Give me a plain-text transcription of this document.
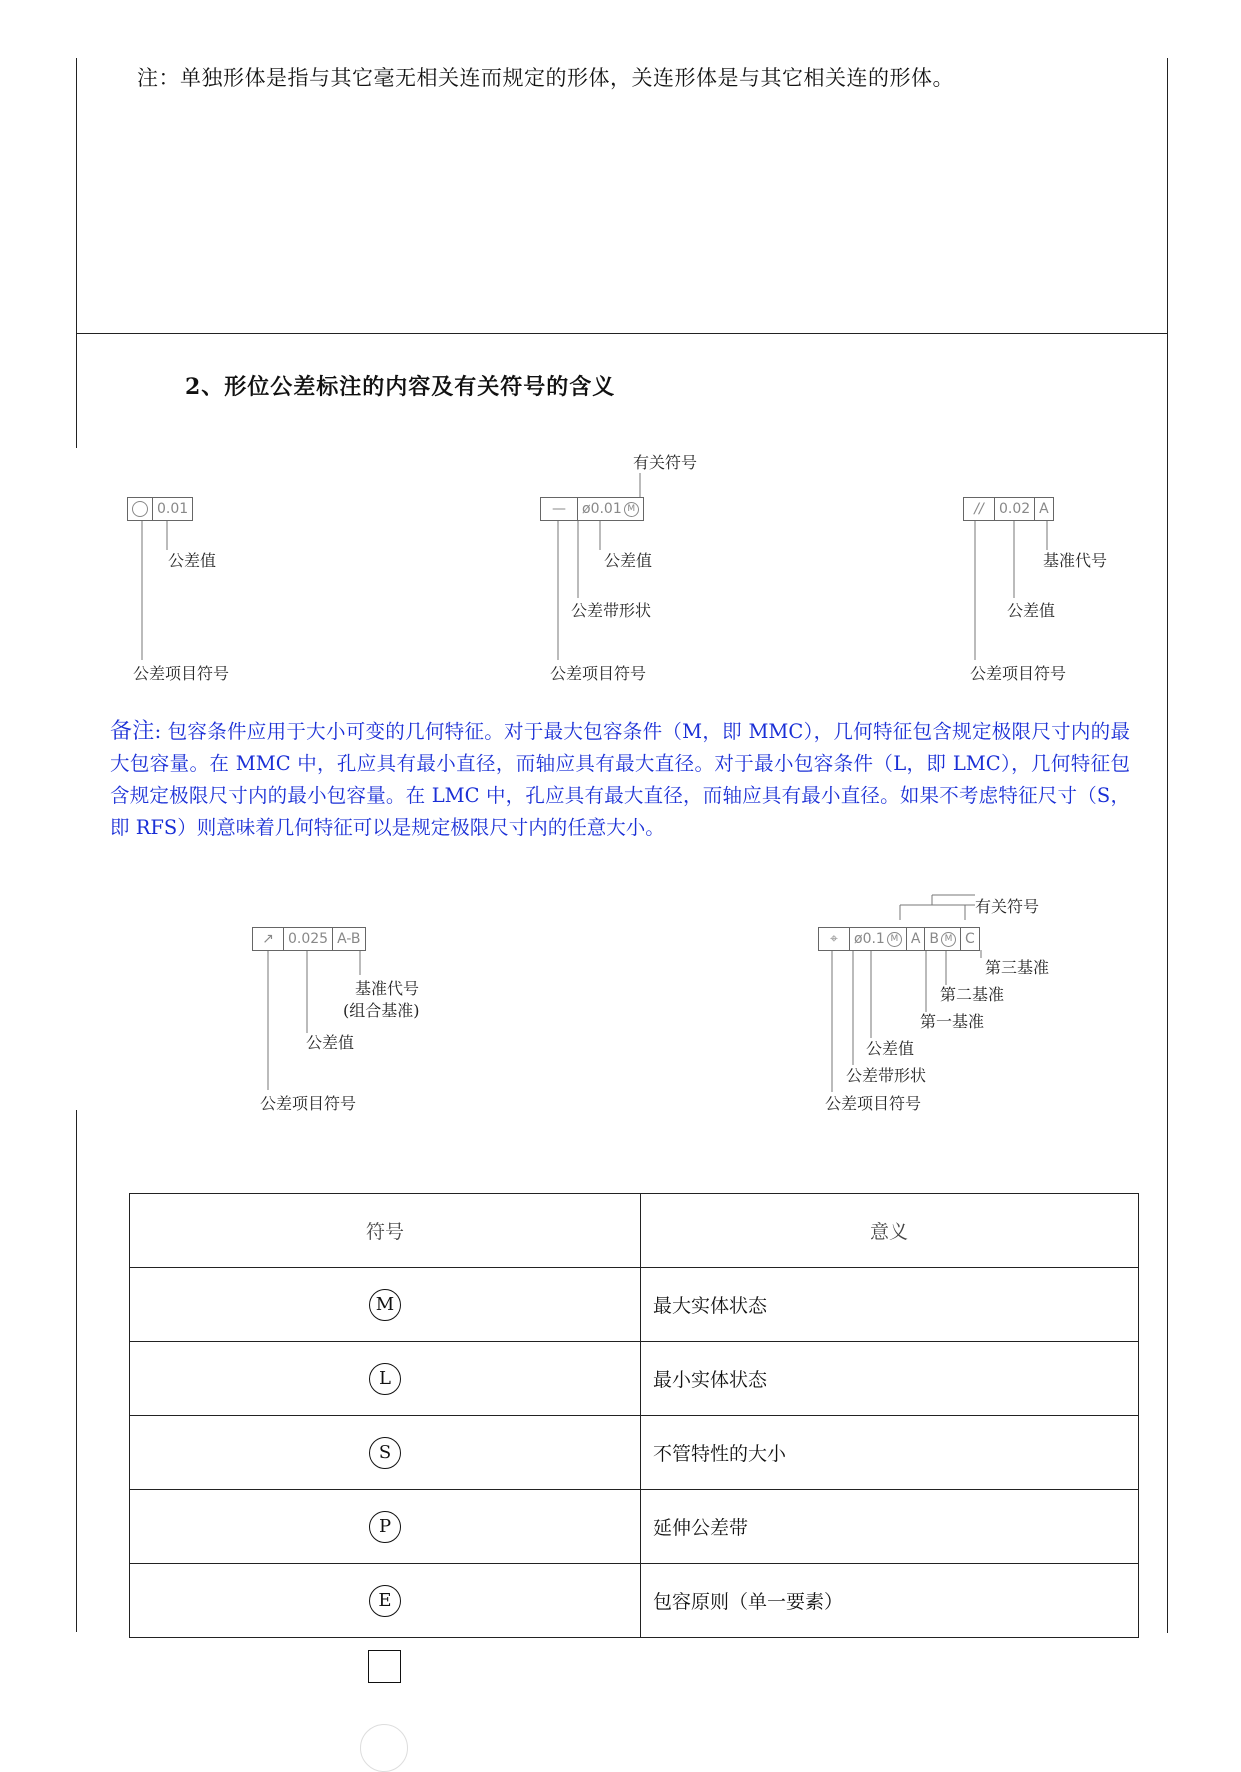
注：单独形体是指与其它毫无相关连而规定的形体，关连形体是与其它相关连的形体。
2、形位公差标注的内容及有关符号的含义
0.01
公差值
公差项目符号
有关符号
—	ø0.01 M
公差值
公差带形状
公差项目符号
//	0.02 A
基准代号
公差值
公差项目符号
备注: 包容条件应用于大小可变的几何特征。对于最大包容条件（M，即 MMC），几何特征包含规定极限尺寸内的最大包容量。在 MMC 中，孔应具有最小直径，而轴应具有最大直径。对于最小包容条件（L，即 LMC），几何特征包含规定极限尺寸内的最小包容量。在 LMC 中，孔应具有最大直径，而轴应具有最小直径。如果不考虑特征尺寸（S，即 RFS）则意味着几何特征可以是规定极限尺寸内的任意大小。
↗	0.025 A-B
基准代号
(组合基准)
公差值
公差项目符号
有关符号
⌖	ø0.1 M A B M C
第三基准
第二基准
第一基准
公差值
公差带形状
公差项目符号
符号	意义
M	最大实体状态
L	最小实体状态
S	不管特性的大小
P	延伸公差带
E	包容原则（单一要素）
